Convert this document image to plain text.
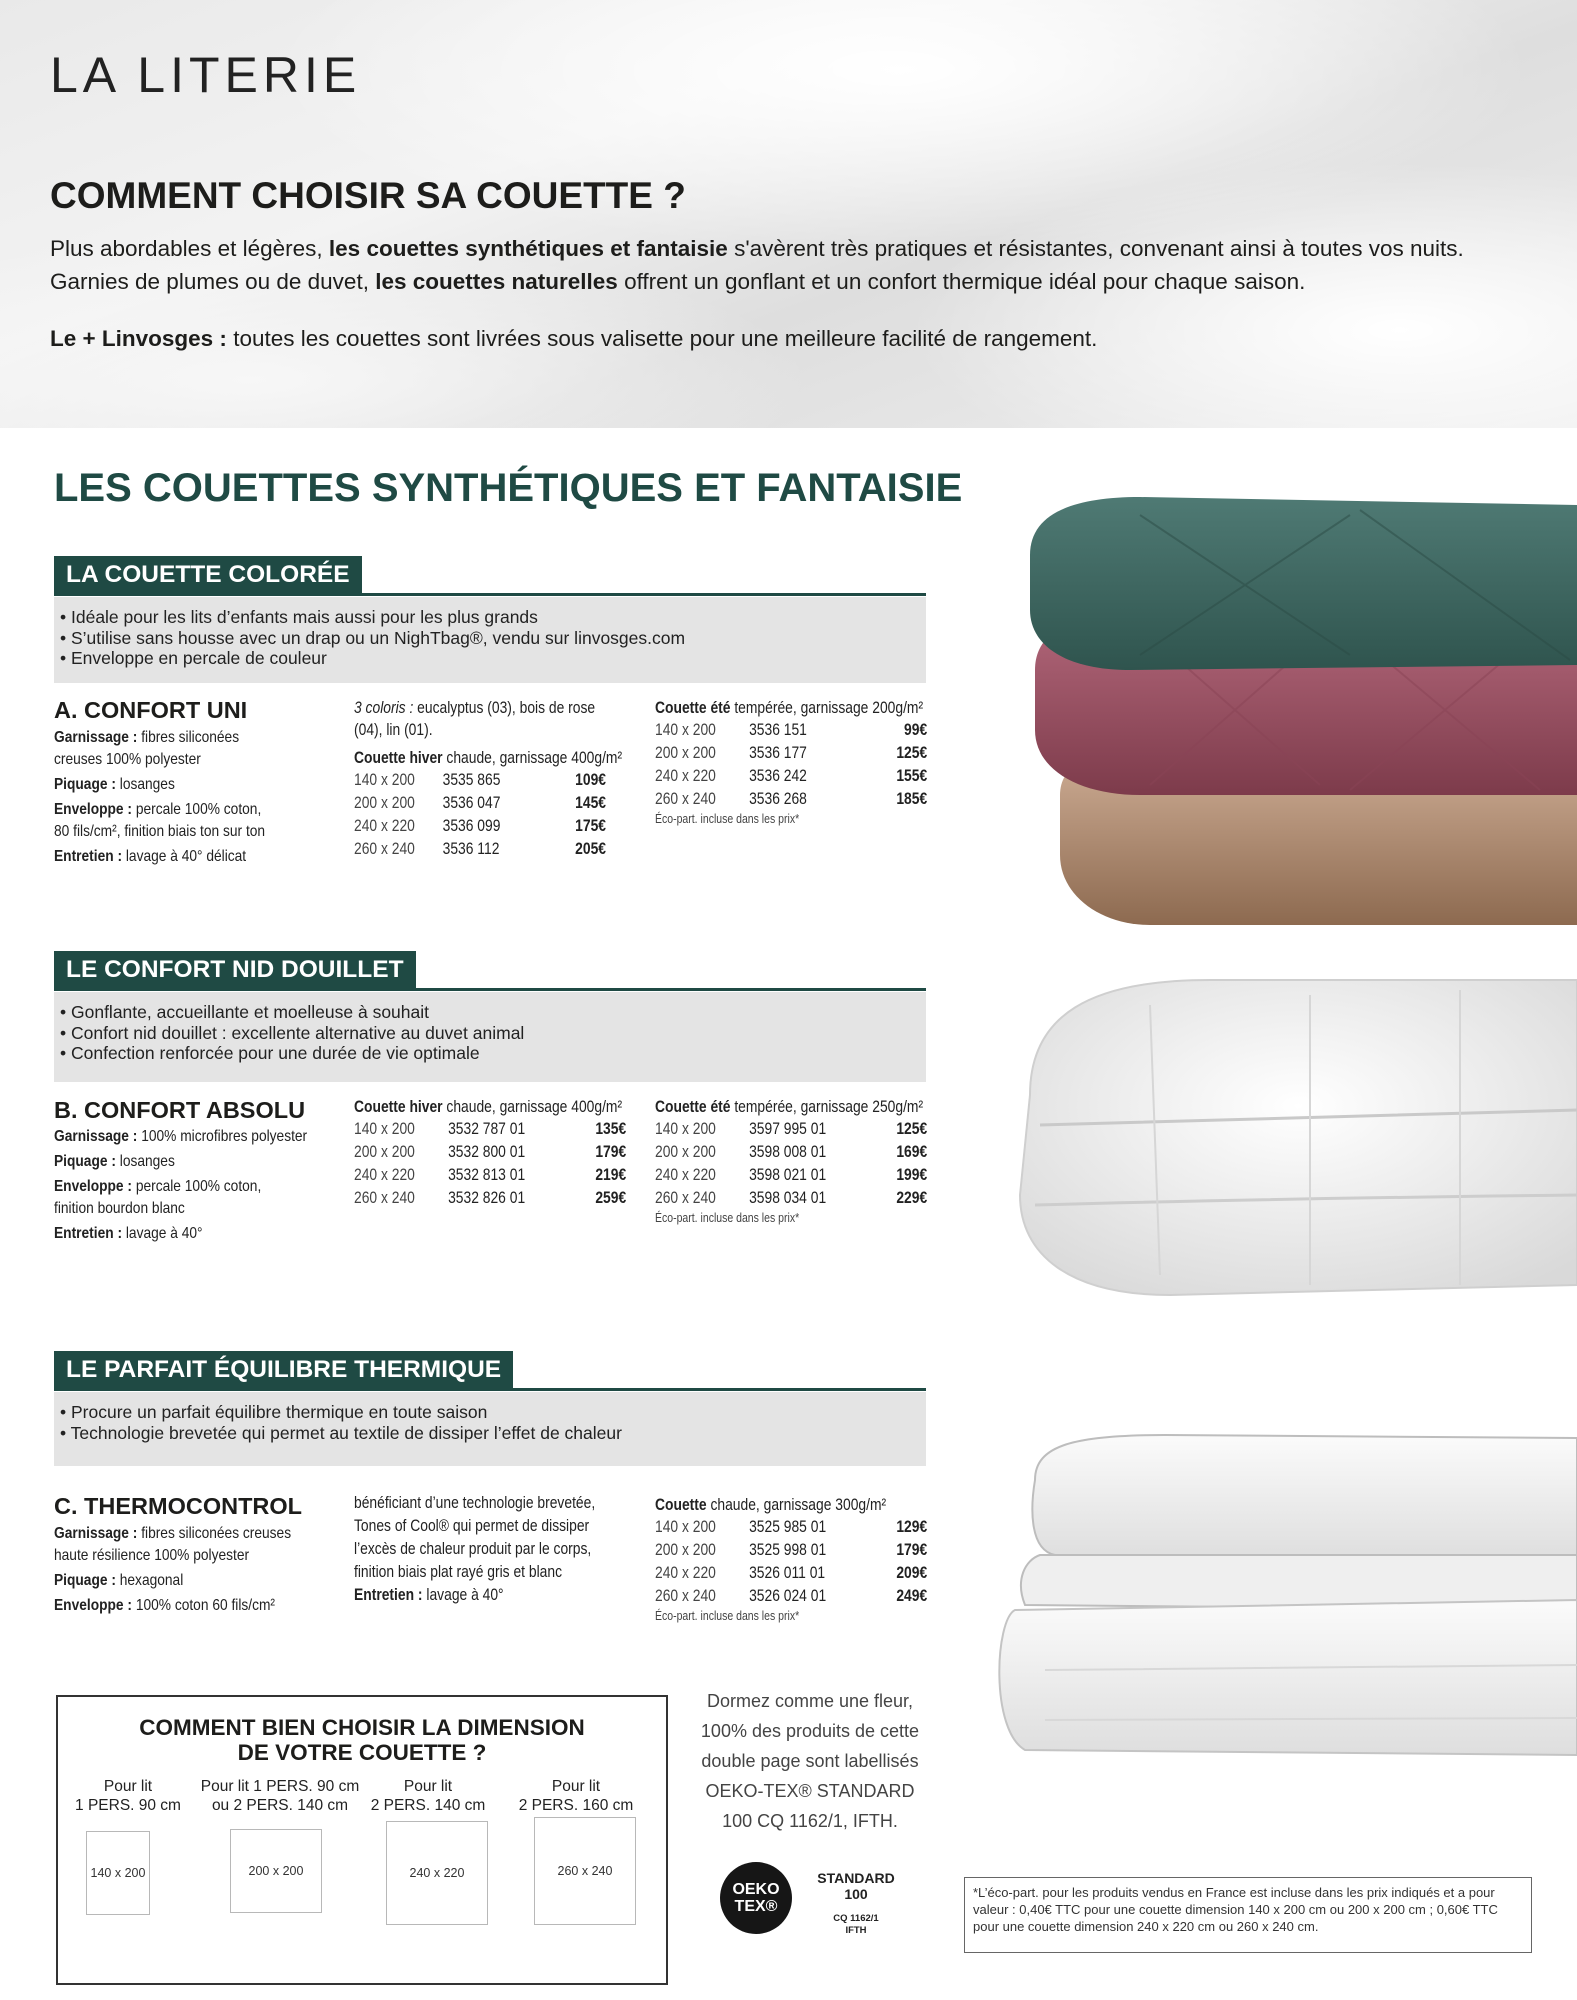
LA LITERIE
COMMENT CHOISIR SA COUETTE ?
Plus abordables et légères, les couettes synthétiques et fantaisie s'avèrent très pratiques et résistantes, convenant ainsi à toutes vos nuits.
Garnies de plumes ou de duvet, les couettes naturelles offrent un gonflant et un confort thermique idéal pour chaque saison.
Le + Linvosges : toutes les couettes sont livrées sous valisette pour une meilleure facilité de rangement.
LES COUETTES SYNTHÉTIQUES ET FANTAISIE
LA COUETTE COLORÉE
• Idéale pour les lits d’enfants mais aussi pour les plus grands
• S’utilise sans housse avec un drap ou un NighTbag®, vendu sur linvosges.com
• Enveloppe en percale de couleur
A. CONFORT UNI
Garnissage : fibres siliconées
creuses 100% polyester
Piquage : losanges
Enveloppe : percale 100% coton,
80 fils/cm², finition biais ton sur ton
Entretien : lavage à 40° délicat
3 coloris : eucalyptus (03), bois de rose (04), lin (01).
Couette hiver chaude, garnissage 400g/m²
140 x 200	3535 865	109€
200 x 200	3536 047	145€
240 x 220	3536 099	175€
260 x 240	3536 112	205€
Couette été tempérée, garnissage 200g/m²
140 x 200	3536 151	99€
200 x 200	3536 177	125€
240 x 220	3536 242	155€
260 x 240	3536 268	185€
Éco-part. incluse dans les prix*
LE CONFORT NID DOUILLET
• Gonflante, accueillante et moelleuse à souhait
• Confort nid douillet : excellente alternative au duvet animal
• Confection renforcée pour une durée de vie optimale
B. CONFORT ABSOLU
Garnissage : 100% microfibres polyester
Piquage : losanges
Enveloppe : percale 100% coton,
finition bourdon blanc
Entretien : lavage à 40°
Couette hiver chaude, garnissage 400g/m²
140 x 200	3532 787 01	135€
200 x 200	3532 800 01	179€
240 x 220	3532 813 01	219€
260 x 240	3532 826 01	259€
Couette été tempérée, garnissage 250g/m²
140 x 200	3597 995 01	125€
200 x 200	3598 008 01	169€
240 x 220	3598 021 01	199€
260 x 240	3598 034 01	229€
Éco-part. incluse dans les prix*
LE PARFAIT ÉQUILIBRE THERMIQUE
• Procure un parfait équilibre thermique en toute saison
• Technologie brevetée qui permet au textile de dissiper l’effet de chaleur
C. THERMOCONTROL
Garnissage : fibres siliconées creuses
haute résilience 100% polyester
Piquage : hexagonal
Enveloppe : 100% coton 60 fils/cm²
bénéficiant d’une technologie brevetée, Tones of Cool® qui permet de dissiper l’excès de chaleur produit par le corps, finition biais plat rayé gris et blanc
Entretien : lavage à 40°
Couette chaude, garnissage 300g/m²
140 x 200	3525 985 01	129€
200 x 200	3525 998 01	179€
240 x 220	3526 011 01	209€
260 x 240	3526 024 01	249€
Éco-part. incluse dans les prix*
COMMENT BIEN CHOISIR LA DIMENSION
DE VOTRE COUETTE ?
Pour lit
1 PERS. 90 cm
Pour lit 1 PERS. 90 cm
ou 2 PERS. 140 cm
Pour lit
2 PERS. 140 cm
Pour lit
2 PERS. 160 cm
140 x 200	200 x 200	240 x 220	260 x 240
Dormez comme une fleur, 100% des produits de cette double page sont labellisés OEKO-TEX® STANDARD 100 CQ 1162/1, IFTH.
OEKO
TEX®
STANDARD
100
CQ 1162/1
IFTH
*L’éco-part. pour les produits vendus en France est incluse dans les prix indiqués et a pour valeur : 0,40€ TTC pour une couette dimension 140 x 200 cm ou 200 x 200 cm ; 0,60€ TTC pour une couette dimension 240 x 220 cm ou 260 x 240 cm.
